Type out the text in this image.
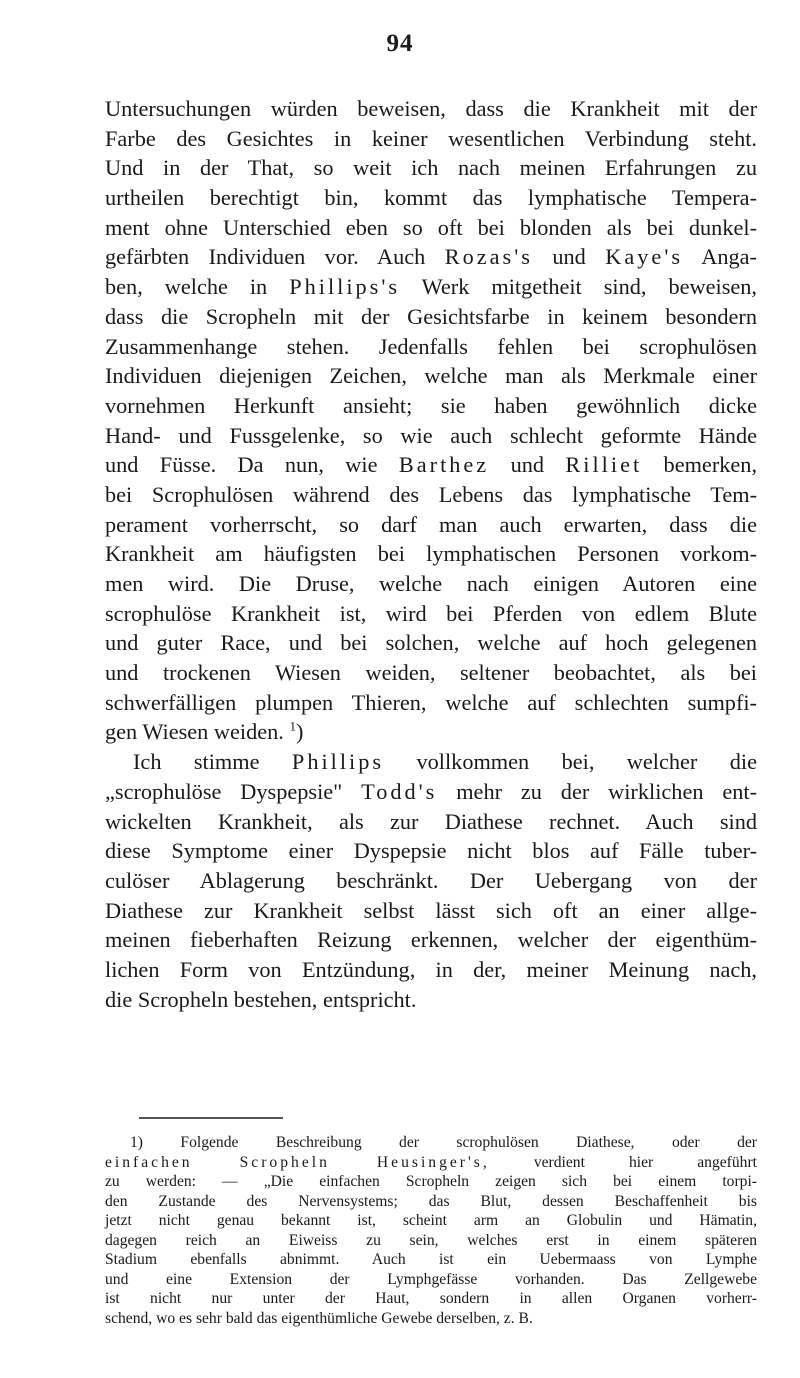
94
Untersuchungen würden beweisen, dass die Krankheit mit der
Farbe des Gesichtes in keiner wesentlichen Verbindung steht.
Und in der That, so weit ich nach meinen Erfahrungen zu
urtheilen berechtigt bin, kommt das lymphatische Tempera-
ment ohne Unterschied eben so oft bei blonden als bei dunkel-
gefärbten Individuen vor. Auch Rozas's und Kaye's Anga-
ben, welche in Phillips's Werk mitgetheit sind, beweisen,
dass die Scropheln mit der Gesichtsfarbe in keinem besondern
Zusammenhange stehen. Jedenfalls fehlen bei scrophulösen
Individuen diejenigen Zeichen, welche man als Merkmale einer
vornehmen Herkunft ansieht; sie haben gewöhnlich dicke
Hand- und Fussgelenke, so wie auch schlecht geformte Hände
und Füsse. Da nun, wie Barthez und Rilliet bemerken,
bei Scrophulösen während des Lebens das lymphatische Tem-
perament vorherrscht, so darf man auch erwarten, dass die
Krankheit am häufigsten bei lymphatischen Personen vorkom-
men wird. Die Druse, welche nach einigen Autoren eine
scrophulöse Krankheit ist, wird bei Pferden von edlem Blute
und guter Race, und bei solchen, welche auf hoch gelegenen
und trockenen Wiesen weiden, seltener beobachtet, als bei
schwerfälligen plumpen Thieren, welche auf schlechten sumpfi-
gen Wiesen weiden. $^1$)
Ich stimme Phillips vollkommen bei, welcher die
„scrophulöse Dyspepsie" Todd's mehr zu der wirklichen ent-
wickelten Krankheit, als zur Diathese rechnet. Auch sind
diese Symptome einer Dyspepsie nicht blos auf Fälle tuber-
culöser Ablagerung beschränkt. Der Uebergang von der
Diathese zur Krankheit selbst lässt sich oft an einer allge-
meinen fieberhaften Reizung erkennen, welcher der eigenthüm-
lichen Form von Entzündung, in der, meiner Meinung nach,
die Scropheln bestehen, entspricht.
1) Folgende Beschreibung der scrophulösen Diathese, oder der
einfachen Scropheln Heusinger's,	verdient hier angeführt
zu werden: — „Die einfachen Scropheln zeigen sich bei einem torpi-
den Zustande des Nervensystems; das Blut, dessen Beschaffenheit bis
jetzt nicht genau bekannt ist, scheint arm an Globulin und Hämatin,
dagegen reich an Eiweiss zu sein, welches erst in einem späteren
Stadium ebenfalls abnimmt. Auch ist ein Uebermaass von Lymphe
und eine Extension der Lymphgefässe vorhanden. Das Zellgewebe
ist nicht nur unter der Haut, sondern in allen Organen vorherr-
schend, wo es sehr bald das eigenthümliche Gewebe derselben, z. B.
